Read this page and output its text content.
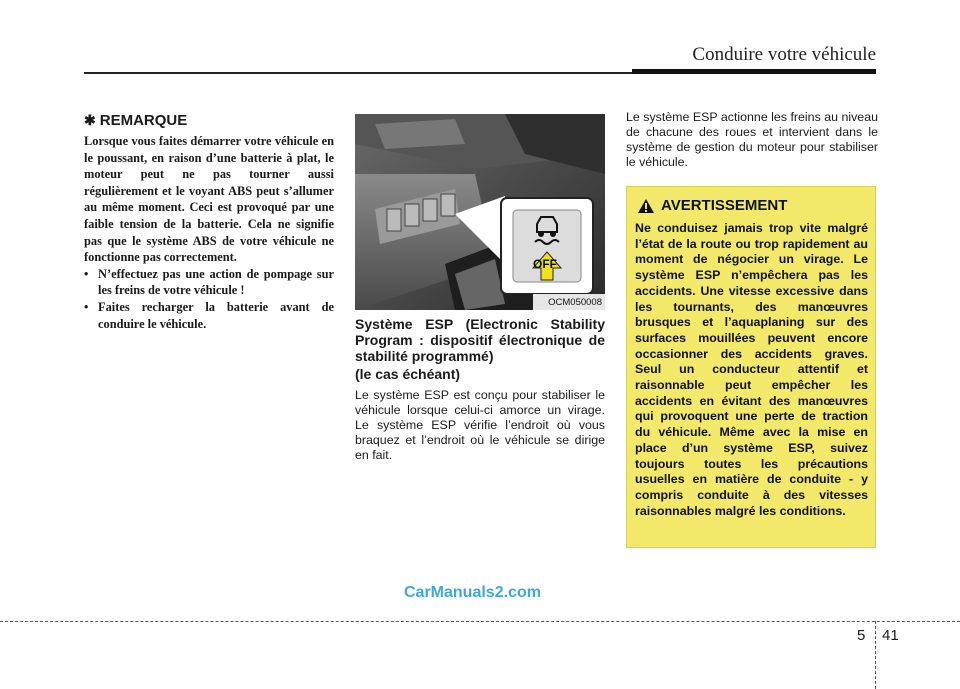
Conduire votre véhicule
✱ REMARQUE
Lorsque vous faites démarrer votre véhicule en le poussant, en raison d’une batterie à plat, le moteur peut ne pas tourner aussi régulièrement et le voyant ABS peut s’allumer au même moment. Ceci est provoqué par une faible tension de la batterie. Cela ne signifie pas que le système ABS de votre véhicule ne fonctionne pas correctement.
• N’effectuez pas une action de pompage sur les freins de votre véhicule !
• Faites recharger la batterie avant de conduire le véhicule.
OFF
OCM050008
Système ESP (Electronic Stability Program : dispositif électronique de stabilité programmé)
(le cas échéant)
Le système ESP est conçu pour stabiliser le véhicule lorsque celui-ci amorce un virage. Le système ESP vérifie l’endroit où vous braquez et l’endroit où le véhicule se dirige en fait.
Le système ESP actionne les freins au niveau de chacune des roues et intervient dans le système de gestion du moteur pour stabiliser le véhicule.
AVERTISSEMENT
Ne conduisez jamais trop vite malgré l’état de la route ou trop rapidement au moment de négocier un virage. Le système ESP n’empêchera pas les accidents. Une vitesse excessive dans les tournants, des manœuvres brusques et l’aquaplaning sur des surfaces mouillées peuvent encore occasionner des accidents graves. Seul un conducteur attentif et raisonnable peut empêcher les accidents en évitant des manœuvres qui provoquent une perte de traction du véhicule. Même avec la mise en place d’un système ESP, suivez toujours toutes les précautions usuelles en matière de conduite - y compris conduite à des vitesses raisonnables malgré les conditions.
CarManuals2.com
5 41
